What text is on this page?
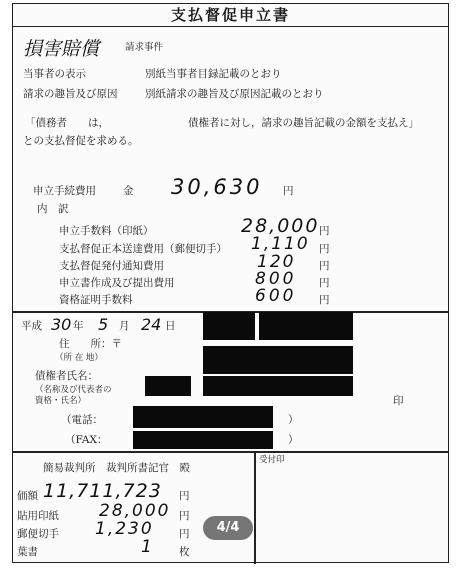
支払督促申立書
損害賠償	請求事件
当事者の表示	別紙当事者目録記載のとおり
請求の趣旨及び原因	別紙請求の趣旨及び原因記載のとおり
「債務者　　は，	債権者に対し，請求の趣旨記載の金額を支払え」
との支払督促を求める。
申立手続費用	金 30,630 円
内　訳
申立手数料（印紙）	28,000 円
支払督促正本送達費用（郵便切手） 1,110 円
支払督促発付通知費用	120 円
申立書作成及び提出費用	800 円
資格証明手数料	600 円
平成 30 年 5 月 24 日
住　　所：〒
（所 在 地）
債権者氏名：
（名称及び代表者の
資格・氏名）	印
（電話：	）
（FAX：	）
簡易裁判所　裁判所書記官　殿
受付印
価額 11,711,723 円
貼用印紙 28,000 円
郵便切手 1,230 円
葉書	1	枚
4/4
